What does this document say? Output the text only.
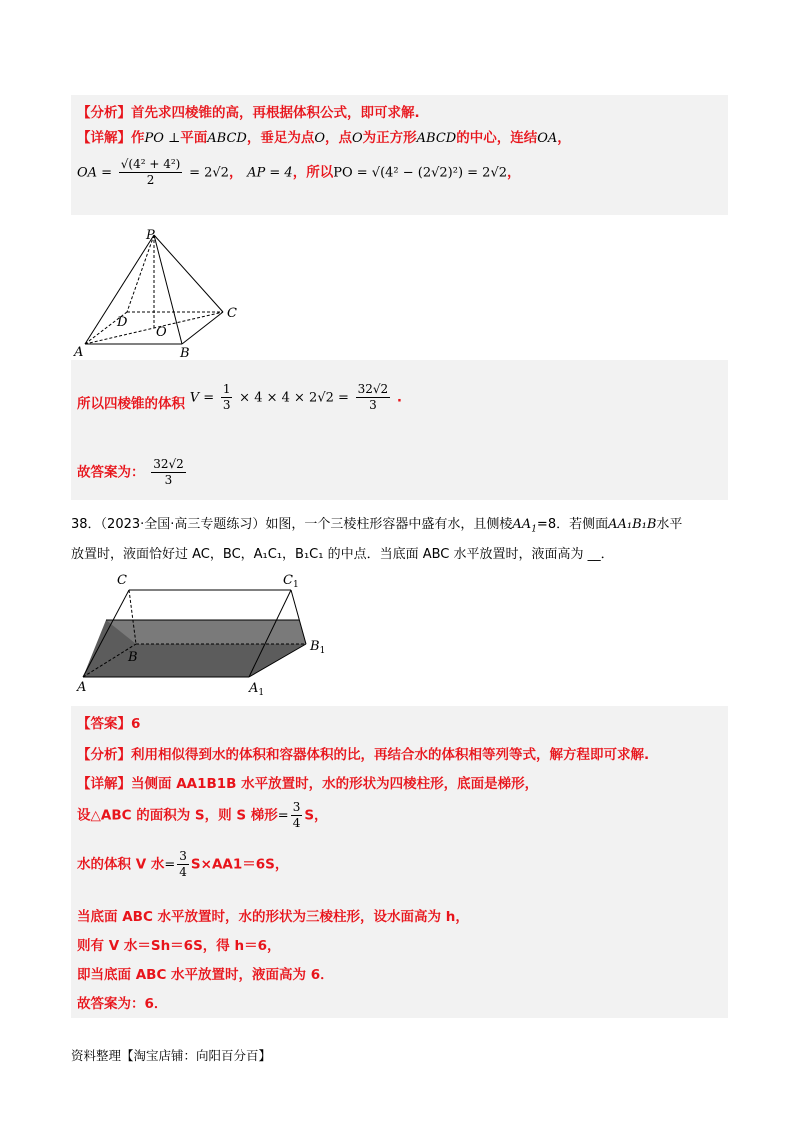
【分析】首先求四棱锥的高，再根据体积公式，即可求解.
【详解】作PO ⊥平面ABCD，垂足为点O，点O为正方形ABCD的中心，连结OA，
OA = $\frac{\text{√(4² + 4²)}}{2} = 2√2$， AP = 4，所以PO = √(4² − (2√2)²) = 2√2，
P
D
C
O
A	B
所以四棱锥的体积 $V = \frac{1}{3} \times 4 \times 4 \times 2√2 = \frac{32√2}{3}$ .
故答案为： $\frac{32√2}{3}$
38．（2023·全国·高三专题练习）如图，一个三棱柱形容器中盛有水，且侧棱$AA_1=8$．若侧面AA₁B₁B水平
放置时，液面恰好过 AC，BC，A₁C₁，B₁C₁ 的中点．当底面 ABC 水平放置时，液面高为 __．
C	$C_1$
B
$B_1$
A	$A_1$
【答案】6
【分析】利用相似得到水的体积和容器体积的比，再结合水的体积相等列等式，解方程即可求解.
【详解】当侧面 AA1B1B 水平放置时，水的形状为四棱柱形，底面是梯形，
设△ABC 的面积为 S，则 S 梯形= $\frac{3}{4}$ S，
水的体积 V 水= $\frac{3}{4} S\times AA1=6S$，
当底面 ABC 水平放置时，水的形状为三棱柱形，设水面高为 h，
则有 V 水＝Sh＝6S，得 h＝6，
即当底面 ABC 水平放置时，液面高为 6．
故答案为：6．
资料整理【淘宝店铺：向阳百分百】
